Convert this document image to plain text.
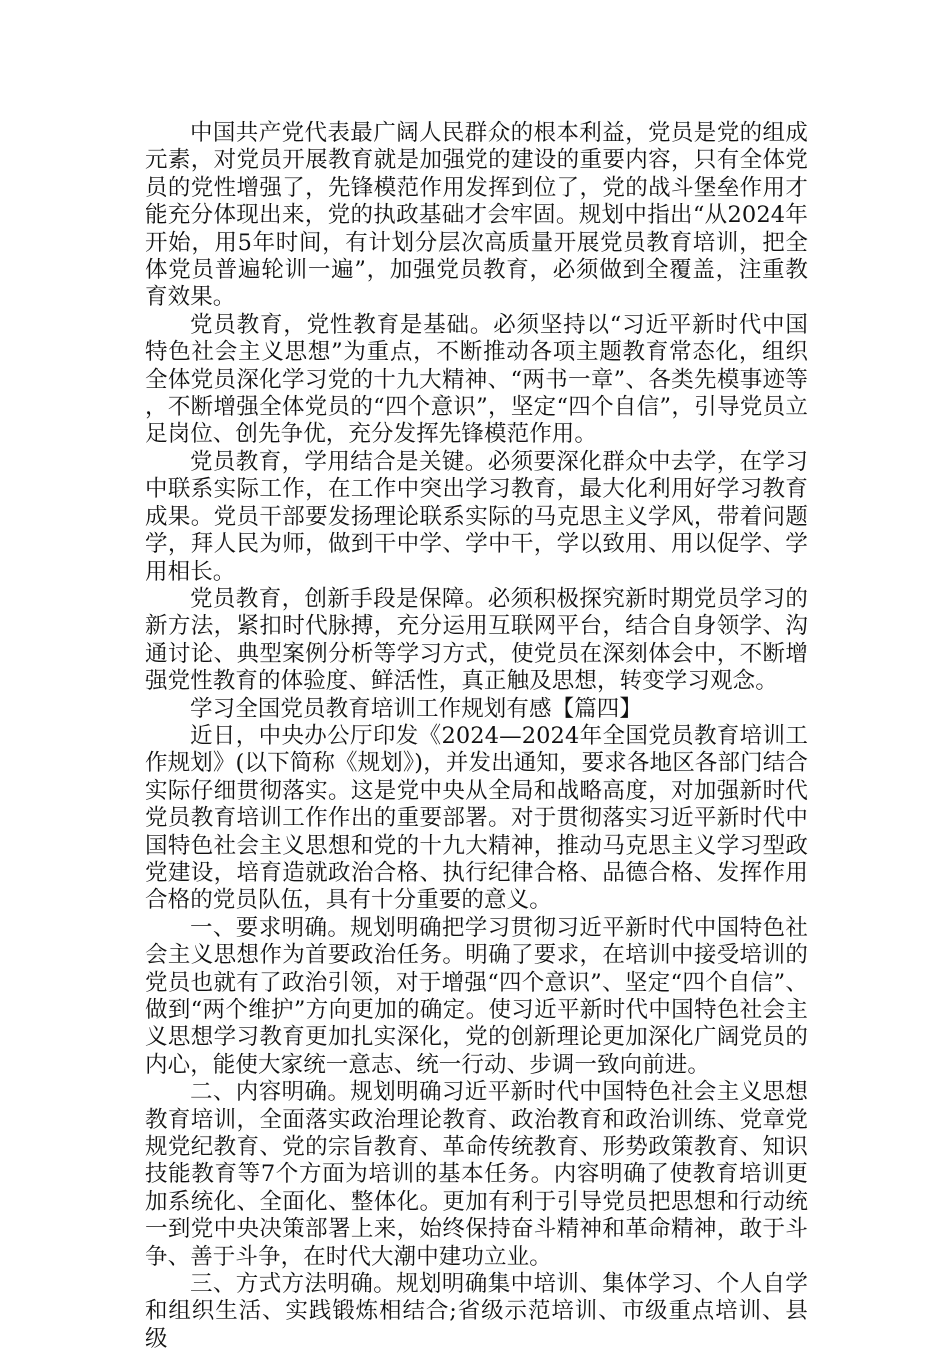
中国共产党代表最广阔人民群众的根本利益，党员是党的组成元素，对党员开展教育就是加强党的建设的重要内容，只有全体党员的党性增强了，先锋模范作用发挥到位了，党的战斗堡垒作用才能充分体现出来，党的执政基础才会牢固。规划中指出“从2024年开始，用5年时间，有计划分层次高质量开展党员教育培训，把全体党员普遍轮训一遍”，加强党员教育，必须做到全覆盖，注重教育效果。

党员教育，党性教育是基础。必须坚持以“习近平新时代中国特色社会主义思想”为重点，不断推动各项主题教育常态化，组织全体党员深化学习党的十九大精神、“两书一章”、各类先模事迹等，不断增强全体党员的“四个意识”，坚定“四个自信”，引导党员立足岗位、创先争优，充分发挥先锋模范作用。

党员教育，学用结合是关键。必须要深化群众中去学，在学习中联系实际工作，在工作中突出学习教育，最大化利用好学习教育成果。党员干部要发扬理论联系实际的马克思主义学风，带着问题学，拜人民为师，做到干中学、学中干，学以致用、用以促学、学用相长。

党员教育，创新手段是保障。必须积极探究新时期党员学习的新方法，紧扣时代脉搏，充分运用互联网平台，结合自身领学、沟通讨论、典型案例分析等学习方式，使党员在深刻体会中，不断增强党性教育的体验度、鲜活性，真正触及思想，转变学习观念。

学习全国党员教育培训工作规划有感【篇四】

近日，中央办公厅印发《2024—2024年全国党员教育培训工作规划》(以下简称《规划》)，并发出通知，要求各地区各部门结合实际仔细贯彻落实。这是党中央从全局和战略高度，对加强新时代党员教育培训工作作出的重要部署。对于贯彻落实习近平新时代中国特色社会主义思想和党的十九大精神，推动马克思主义学习型政党建设，培育造就政治合格、执行纪律合格、品德合格、发挥作用合格的党员队伍，具有十分重要的意义。

一、要求明确。规划明确把学习贯彻习近平新时代中国特色社会主义思想作为首要政治任务。明确了要求，在培训中接受培训的党员也就有了政治引领，对于增强“四个意识”、坚定“四个自信”、做到“两个维护”方向更加的确定。使习近平新时代中国特色社会主义思想学习教育更加扎实深化，党的创新理论更加深化广阔党员的内心，能使大家统一意志、统一行动、步调一致向前进。

二、内容明确。规划明确习近平新时代中国特色社会主义思想教育培训，全面落实政治理论教育、政治教育和政治训练、党章党规党纪教育、党的宗旨教育、革命传统教育、形势政策教育、知识技能教育等7个方面为培训的基本任务。内容明确了使教育培训更加系统化、全面化、整体化。更加有利于引导党员把思想和行动统一到党中央决策部署上来，始终保持奋斗精神和革命精神，敢于斗争、善于斗争，在时代大潮中建功立业。

三、方式方法明确。规划明确集中培训、集体学习、个人自学和组织生活、实践锻炼相结合;省级示范培训、市级重点培训、县级
